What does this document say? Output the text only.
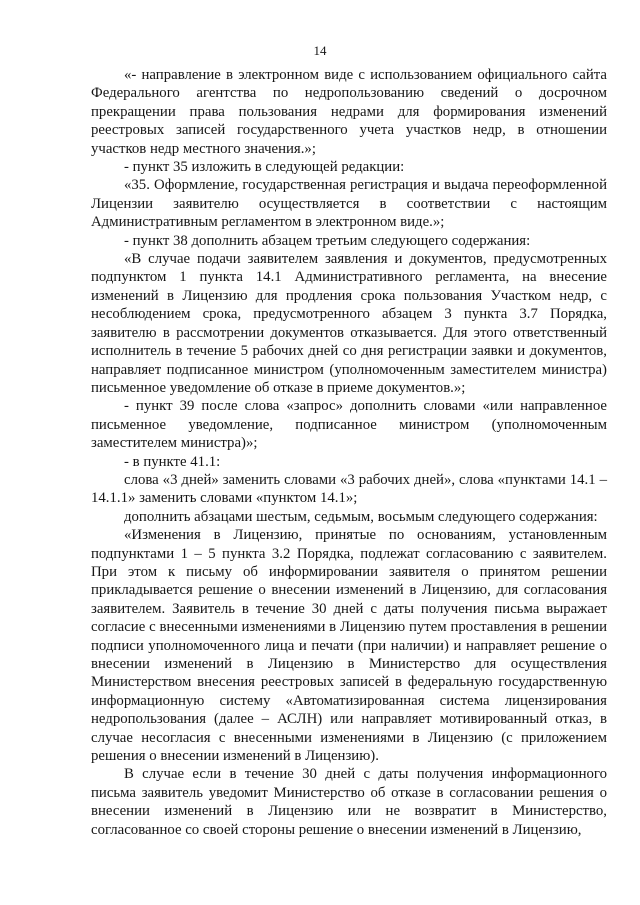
14

«- направление в электронном виде с использованием официального сайта Федерального агентства по недропользованию сведений о досрочном прекращении права пользования недрами для формирования изменений реестровых записей государственного учета участков недр, в отношении участков недр местного значения.»;

- пункт 35 изложить в следующей редакции:

«35. Оформление, государственная регистрация и выдача переоформленной Лицензии заявителю осуществляется в соответствии с настоящим Административным регламентом в электронном виде.»;

- пункт 38 дополнить абзацем третьим следующего содержания:

«В случае подачи заявителем заявления и документов, предусмотренных подпунктом 1 пункта 14.1 Административного регламента, на внесение изменений в Лицензию для продления срока пользования Участком недр, с несоблюдением срока, предусмотренного абзацем 3 пункта 3.7 Порядка, заявителю в рассмотрении документов отказывается. Для этого ответственный исполнитель в течение 5 рабочих дней со дня регистрации заявки и документов, направляет подписанное министром (уполномоченным заместителем министра) письменное уведомление об отказе в приеме документов.»;

- пункт 39 после слова «запрос» дополнить словами «или направленное письменное уведомление, подписанное министром (уполномоченным заместителем министра)»;

- в пункте 41.1:

слова «3 дней» заменить словами «3 рабочих дней», слова «пунктами 14.1 – 14.1.1» заменить словами «пунктом 14.1»;

дополнить абзацами шестым, седьмым, восьмым следующего содержания:

«Изменения в Лицензию, принятые по основаниям, установленным подпунктами 1 – 5 пункта 3.2 Порядка, подлежат согласованию с заявителем. При этом к письму об информировании заявителя о принятом решении прикладывается решение о внесении изменений в Лицензию, для согласования заявителем. Заявитель в течение 30 дней с даты получения письма выражает согласие с внесенными изменениями в Лицензию путем проставления в решении подписи уполномоченного лица и печати (при наличии) и направляет решение о внесении изменений в Лицензию в Министерство для осуществления Министерством внесения реестровых записей в федеральную государственную информационную систему «Автоматизированная система лицензирования недропользования (далее – АСЛН) или направляет мотивированный отказ, в случае несогласия с внесенными изменениями в Лицензию (с приложением решения о внесении изменений в Лицензию).

В случае если в течение 30 дней с даты получения информационного письма заявитель уведомит Министерство об отказе в согласовании решения о внесении изменений в Лицензию или не возвратит в Министерство, согласованное со своей стороны решение о внесении изменений в Лицензию,
